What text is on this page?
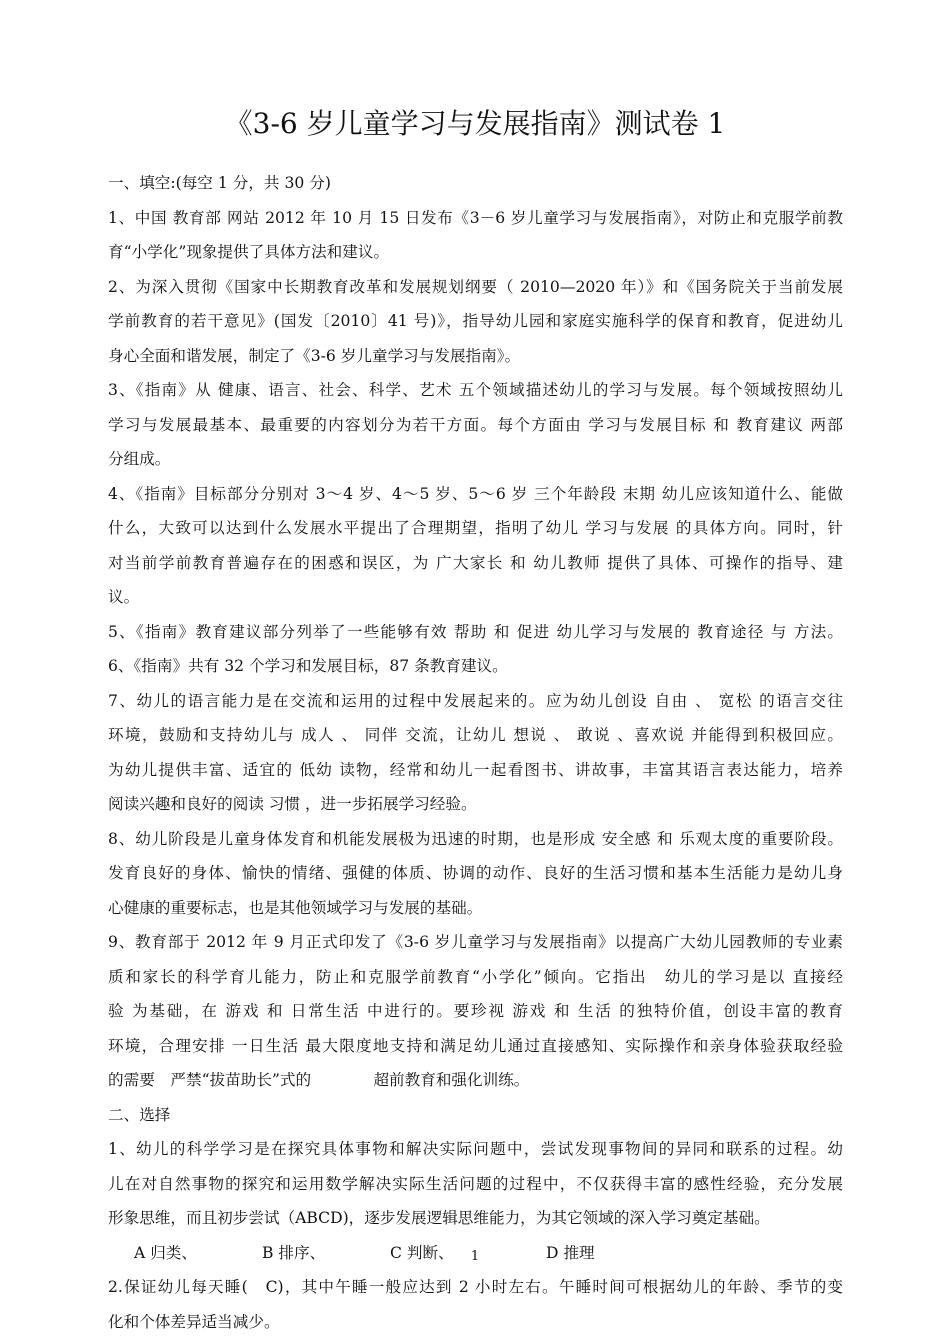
《3-6 岁儿童学习与发展指南》测试卷 1
一、填空:(每空 1 分，共 30 分)
1、中国 教育部 网站 2012 年 10 月 15 日发布《3－6 岁儿童学习与发展指南》，对防止和克服学前教
育“小学化”现象提供了具体方法和建议。
2、为深入贯彻《国家中长期教育改革和发展规划纲要（ 2010—2020 年）》和《国务院关于当前发展
学前教育的若干意见》(国发〔2010〕41 号)》，指导幼儿园和家庭实施科学的保育和教育，促进幼儿
身心全面和谐发展，制定了《3-6 岁儿童学习与发展指南》。
3、《指南》从 健康、语言、社会、科学、艺术 五个领域描述幼儿的学习与发展。每个领域按照幼儿
学习与发展最基本、最重要的内容划分为若干方面。每个方面由 学习与发展目标 和 教育建议 两部
分组成。
4、《指南》目标部分分别对 3～4 岁、4～5 岁、5～6 岁 三个年龄段 末期 幼儿应该知道什么、能做
什么，大致可以达到什么发展水平提出了合理期望，指明了幼儿 学习与发展 的具体方向。同时，针
对当前学前教育普遍存在的困惑和误区，为 广大家长 和 幼儿教师 提供了具体、可操作的指导、建
议。
5、《指南》教育建议部分列举了一些能够有效 帮助 和 促进 幼儿学习与发展的 教育途径 与 方法。
6、《指南》共有 32 个学习和发展目标，87 条教育建议。
7、幼儿的语言能力是在交流和运用的过程中发展起来的。应为幼儿创设 自由 、 宽松 的语言交往
环境，鼓励和支持幼儿与 成人 、 同伴 交流，让幼儿 想说 、 敢说 、喜欢说 并能得到积极回应。
为幼儿提供丰富、适宜的 低幼 读物，经常和幼儿一起看图书、讲故事，丰富其语言表达能力，培养
阅读兴趣和良好的阅读 习惯 ，进一步拓展学习经验。
8、幼儿阶段是儿童身体发育和机能发展极为迅速的时期，也是形成 安全感 和 乐观太度的重要阶段。
发育良好的身体、愉快的情绪、强健的体质、协调的动作、良好的生活习惯和基本生活能力是幼儿身
心健康的重要标志，也是其他领域学习与发展的基础。
9、教育部于 2012 年 9 月正式印发了《3-6 岁儿童学习与发展指南》以提高广大幼儿园教师的专业素
质和家长的科学育儿能力，防止和克服学前教育“小学化”倾向。它指出　幼儿的学习是以 直接经
验 为基础，在 游戏 和 日常生活 中进行的。要珍视 游戏 和 生活 的独特价值，创设丰富的教育
环境，合理安排 一日生活 最大限度地支持和满足幼儿通过直接感知、实际操作和亲身体验获取经验
的需要　严禁“拔苗助长”式的　　　　超前教育和强化训练。
二、选择
1、幼儿的科学学习是在探究具体事物和解决实际问题中，尝试发现事物间的异同和联系的过程。幼
儿在对自然事物的探究和运用数学解决实际生活问题的过程中，不仅获得丰富的感性经验，充分发展
形象思维，而且初步尝试（ABCD)，逐步发展逻辑思维能力，为其它领域的深入学习奠定基础。
A 归类、	B 排序、	C 判断、	D 推理
2.保证幼儿每天睡(　C)，其中午睡一般应达到 2 小时左右。午睡时间可根据幼儿的年龄、季节的变
化和个体差异适当减少。
1
